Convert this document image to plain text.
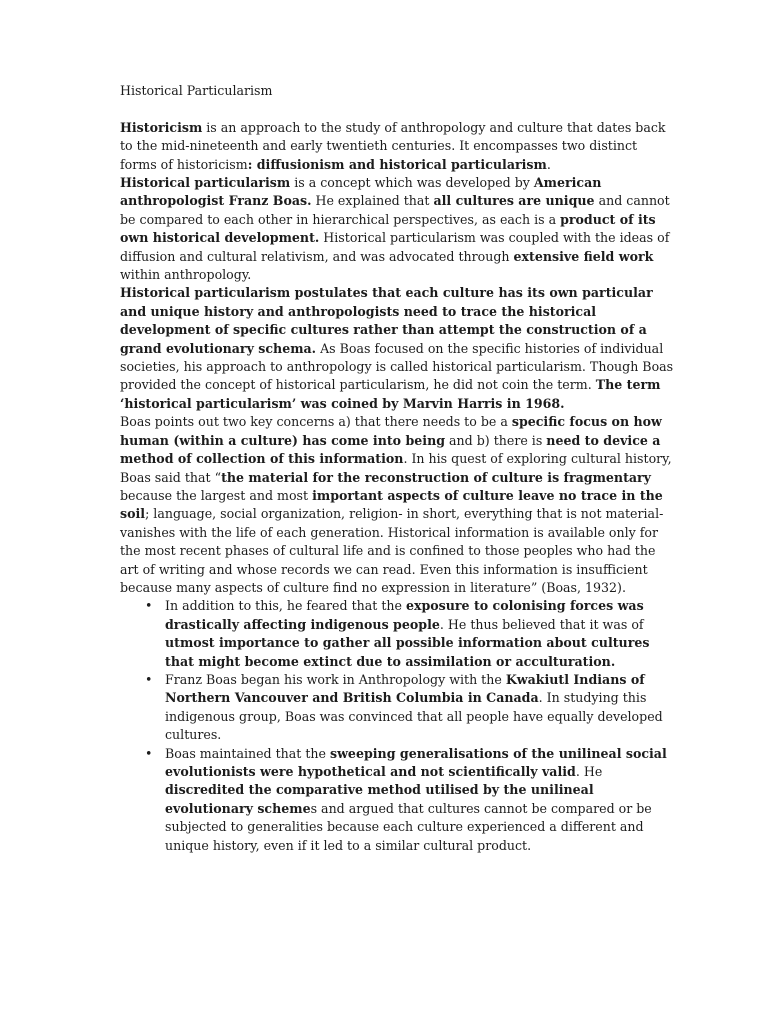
Historical Particularism

Historicism is an approach to the study of anthropology and culture that dates back to the mid-nineteenth and early twentieth centuries. It encompasses two distinct forms of historicism: diffusionism and historical particularism.

Historical particularism is a concept which was developed by American anthropologist Franz Boas. He explained that all cultures are unique and cannot be compared to each other in hierarchical perspectives, as each is a product of its own historical development. Historical particularism was coupled with the ideas of diffusion and cultural relativism, and was advocated through extensive field work within anthropology.

Historical particularism postulates that each culture has its own particular and unique history and anthropologists need to trace the historical development of specific cultures rather than attempt the construction of a grand evolutionary schema. As Boas focused on the specific histories of individual societies, his approach to anthropology is called historical particularism. Though Boas provided the concept of historical particularism, he did not coin the term. The term ‘historical particularism’ was coined by Marvin Harris in 1968.

Boas points out two key concerns a) that there needs to be a specific focus on how human (within a culture) has come into being and b) there is need to device a method of collection of this information. In his quest of exploring cultural history, Boas said that “the material for the reconstruction of culture is fragmentary because the largest and most important aspects of culture leave no trace in the soil; language, social organization, religion- in short, everything that is not material-vanishes with the life of each generation. Historical information is available only for the most recent phases of cultural life and is confined to those peoples who had the art of writing and whose records we can read. Even this information is insufficient because many aspects of culture find no expression in literature” (Boas, 1932).

• In addition to this, he feared that the exposure to colonising forces was drastically affecting indigenous people. He thus believed that it was of utmost importance to gather all possible information about cultures that might become extinct due to assimilation or acculturation.
• Franz Boas began his work in Anthropology with the Kwakiutl Indians of Northern Vancouver and British Columbia in Canada. In studying this indigenous group, Boas was convinced that all people have equally developed cultures.
• Boas maintained that the sweeping generalisations of the unilineal social evolutionists were hypothetical and not scientifically valid. He discredited the comparative method utilised by the unilineal evolutionary schemes and argued that cultures cannot be compared or be subjected to generalities because each culture experienced a different and unique history, even if it led to a similar cultural product.
